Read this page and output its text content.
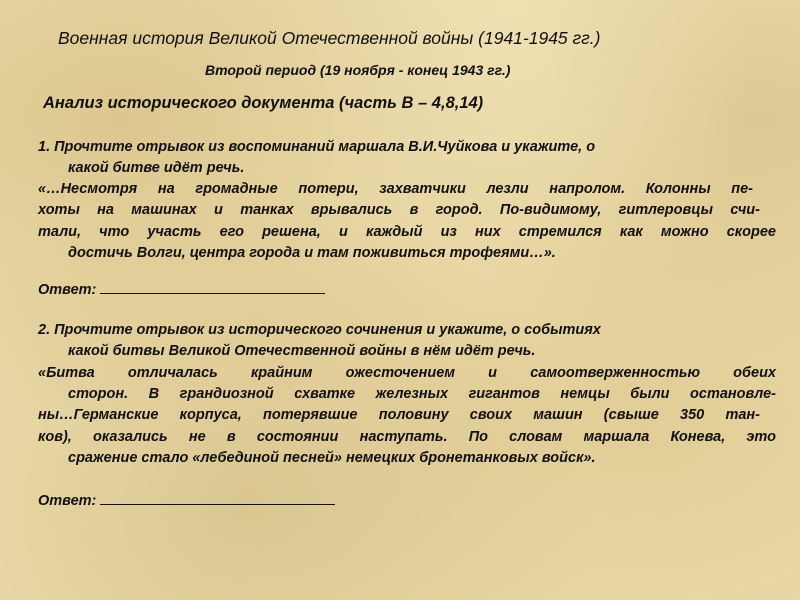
Военная история Великой Отечественной войны (1941-1945 гг.)
Второй период (19 ноября - конец 1943 гг.)
Анализ исторического документа (часть В – 4,8,14)
1. Прочтите отрывок из воспоминаний маршала В.И.Чуйкова и укажите, о
какой битве идёт речь.
«…Несмотря на громадные потери, захватчики лезли напролом. Колонны пе-
хоты на машинах и танках врывались в город. По-видимому, гитлеровцы счи-
тали, что участь его решена, и каждый из них стремился как можно скорее
достичь Волги, центра города и там поживиться трофеями…».
Ответ:
2. Прочтите отрывок из исторического сочинения и укажите, о событиях
какой битвы Великой Отечественной войны в нём идёт речь.
«Битва отличалась крайним ожесточением и самоотверженностью обеих
сторон. В грандиозной схватке железных гигантов немцы были остановле-
ны…Германские корпуса, потерявшие половину своих машин (свыше 350 тан-
ков), оказались не в состоянии наступать. По словам маршала Конева, это
сражение стало «лебединой песней» немецких бронетанковых войск».
Ответ:
